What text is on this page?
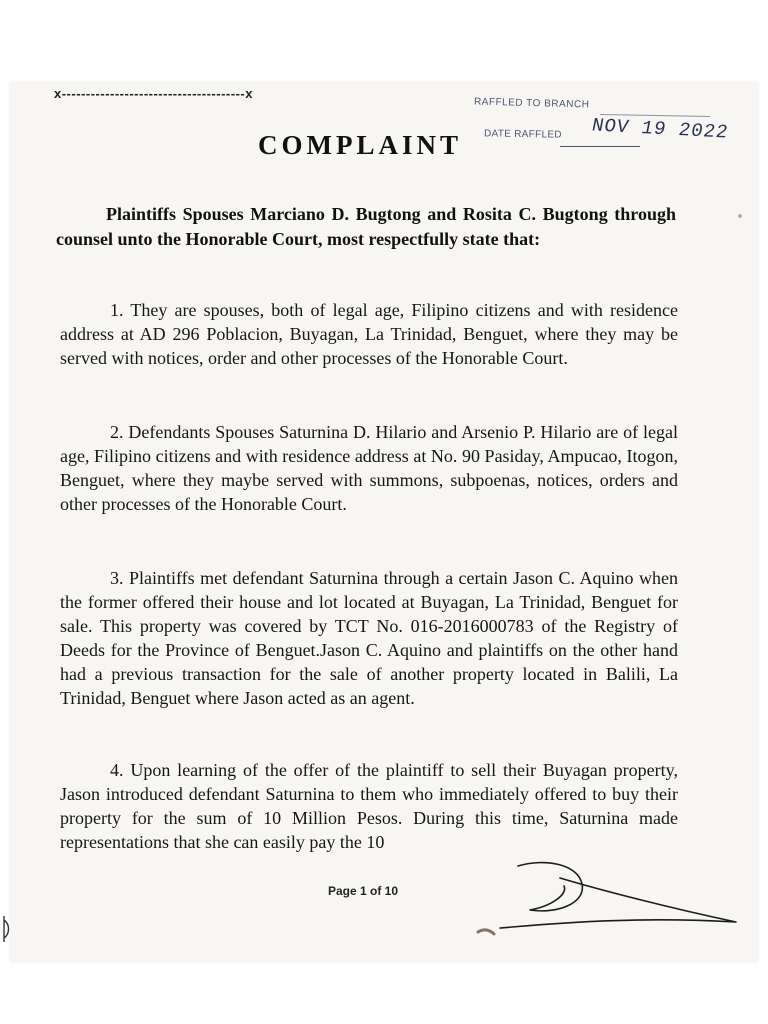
x--------------------------------------x
RAFFLED TO BRANCH
NOV 19 2022
DATE RAFFLED
COMPLAINT
Plaintiffs Spouses Marciano D. Bugtong and Rosita C. Bugtong through counsel unto the Honorable Court, most respectfully state that:
1. They are spouses, both of legal age, Filipino citizens and with residence address at AD 296 Poblacion, Buyagan, La Trinidad, Benguet, where they may be served with notices, order and other processes of the Honorable Court.
2. Defendants Spouses Saturnina D. Hilario and Arsenio P. Hilario are of legal age, Filipino citizens and with residence address at No. 90 Pasiday, Ampucao, Itogon, Benguet, where they maybe served with summons, subpoenas, notices, orders and other processes of the Honorable Court.
3. Plaintiffs met defendant Saturnina through a certain Jason C. Aquino when the former offered their house and lot located at Buyagan, La Trinidad, Benguet for sale. This property was covered by TCT No. 016-2016000783 of the Registry of Deeds for the Province of Benguet.Jason C. Aquino and plaintiffs on the other hand had a previous transaction for the sale of another property located in Balili, La Trinidad, Benguet where Jason acted as an agent.
4. Upon learning of the offer of the plaintiff to sell their Buyagan property, Jason introduced defendant Saturnina to them who immediately offered to buy their property for the sum of 10 Million Pesos. During this time, Saturnina made representations that she can easily pay the 10
Page 1 of 10
